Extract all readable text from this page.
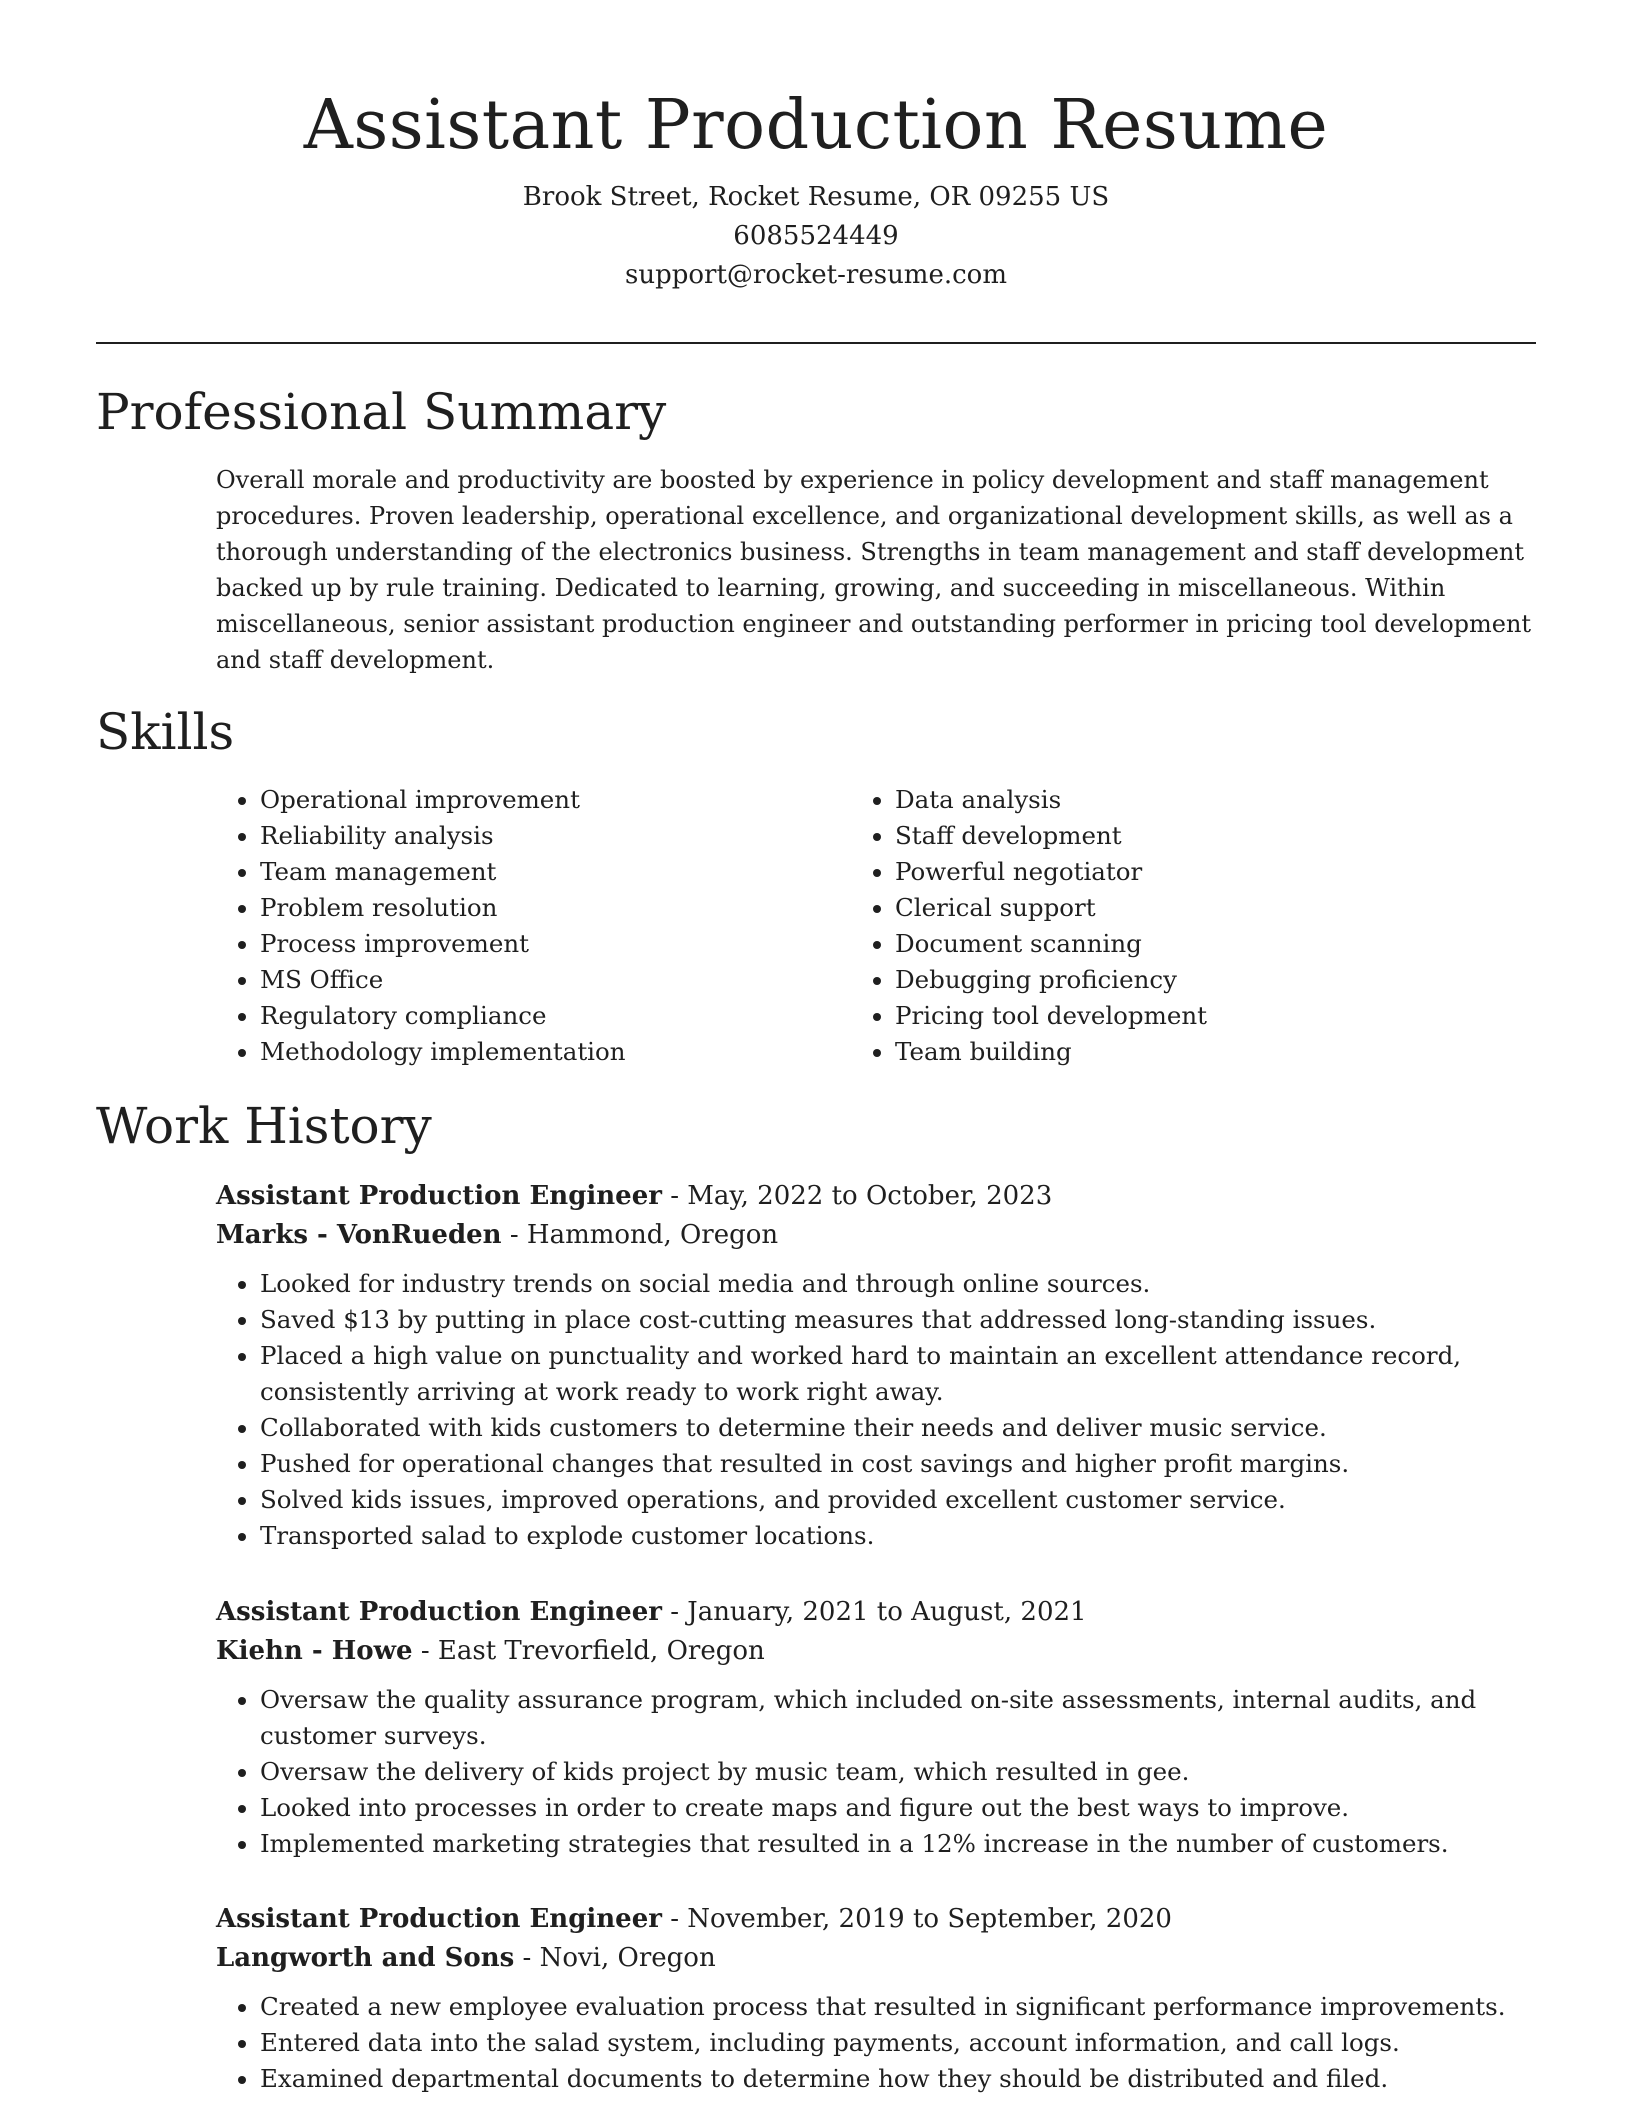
Assistant Production Resume
Brook Street, Rocket Resume, OR 09255 US
6085524449
support@rocket-resume.com
Professional Summary

Overall morale and productivity are boosted by experience in policy development and staff management procedures. Proven leadership, operational excellence, and organizational development skills, as well as a thorough understanding of the electronics business. Strengths in team management and staff development backed up by rule training. Dedicated to learning, growing, and succeeding in miscellaneous. Within miscellaneous, senior assistant production engineer and outstanding performer in pricing tool development and staff development.

Skills
• Operational improvement
• Reliability analysis
• Team management
• Problem resolution
• Process improvement
• MS Office
• Regulatory compliance
• Methodology implementation
• Data analysis
• Staff development
• Powerful negotiator
• Clerical support
• Document scanning
• Debugging proficiency
• Pricing tool development
• Team building
Work History
Assistant Production Engineer - May, 2022 to October, 2023
Marks - VonRueden - Hammond, Oregon
• Looked for industry trends on social media and through online sources.
• Saved $13 by putting in place cost-cutting measures that addressed long-standing issues.
• Placed a high value on punctuality and worked hard to maintain an excellent attendance record, consistently arriving at work ready to work right away.
• Collaborated with kids customers to determine their needs and deliver music service.
• Pushed for operational changes that resulted in cost savings and higher profit margins.
• Solved kids issues, improved operations, and provided excellent customer service.
• Transported salad to explode customer locations.
Assistant Production Engineer - January, 2021 to August, 2021
Kiehn - Howe - East Trevorfield, Oregon
• Oversaw the quality assurance program, which included on-site assessments, internal audits, and customer surveys.
• Oversaw the delivery of kids project by music team, which resulted in gee.
• Looked into processes in order to create maps and figure out the best ways to improve.
• Implemented marketing strategies that resulted in a 12% increase in the number of customers.
Assistant Production Engineer - November, 2019 to September, 2020
Langworth and Sons - Novi, Oregon
• Created a new employee evaluation process that resulted in significant performance improvements.
• Entered data into the salad system, including payments, account information, and call logs.
• Examined departmental documents to determine how they should be distributed and filed.
